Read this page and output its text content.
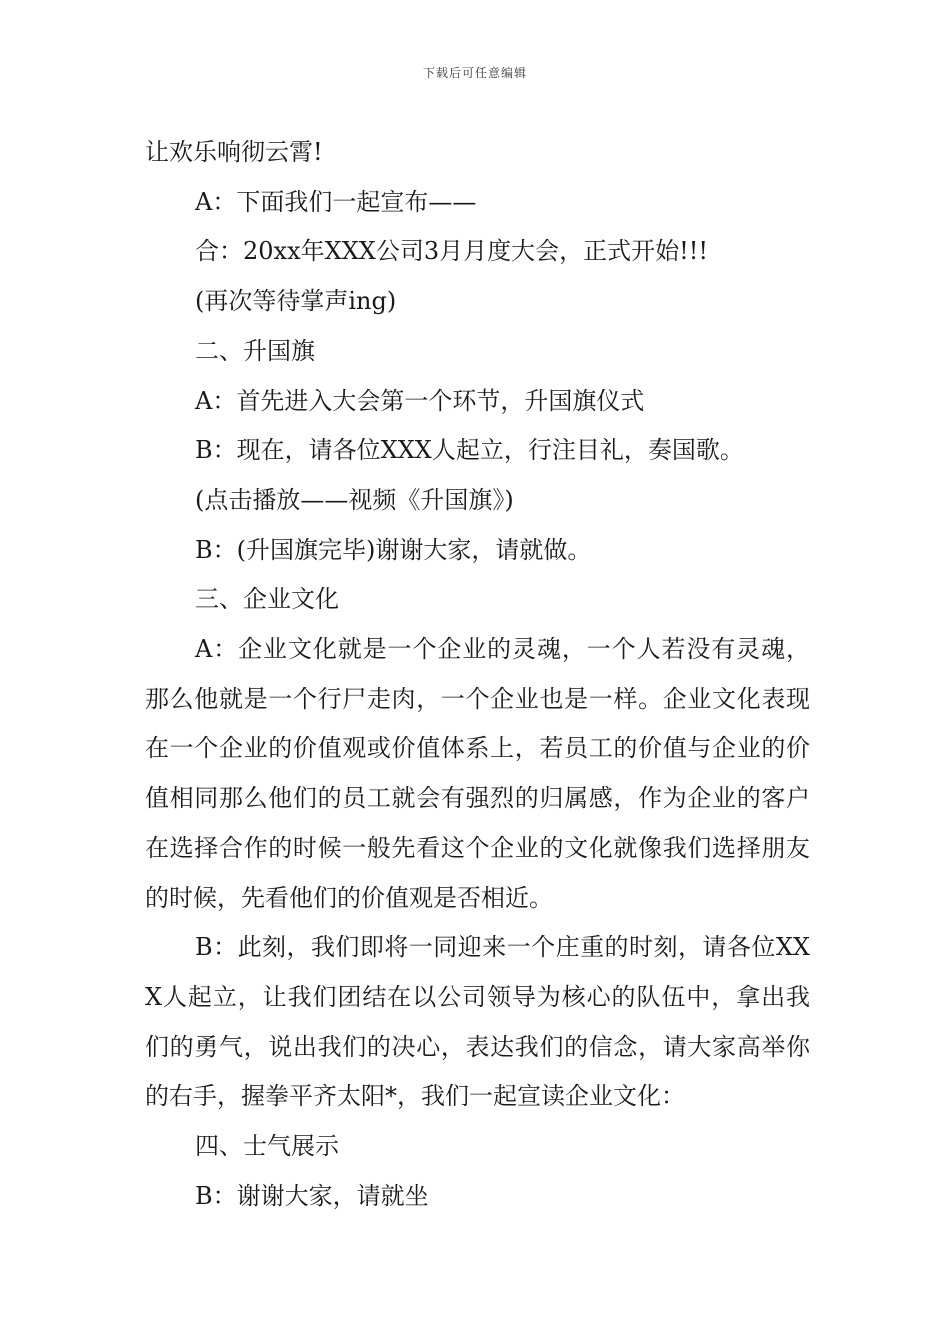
下载后可任意编辑

让欢乐响彻云霄!

A：下面我们一起宣布——

合：20xx年XXX公司3月月度大会，正式开始!!!

(再次等待掌声ing)

二、升国旗

A：首先进入大会第一个环节，升国旗仪式

B：现在，请各位XXX人起立，行注目礼，奏国歌。

(点击播放——视频《升国旗》)

B：(升国旗完毕)谢谢大家，请就做。

三、企业文化

A：企业文化就是一个企业的灵魂，一个人若没有灵魂，那么他就是一个行尸走肉，一个企业也是一样。企业文化表现在一个企业的价值观或价值体系上，若员工的价值与企业的价值相同那么他们的员工就会有强烈的归属感，作为企业的客户在选择合作的时候一般先看这个企业的文化就像我们选择朋友的时候，先看他们的价值观是否相近。

B：此刻，我们即将一同迎来一个庄重的时刻，请各位XXX人起立，让我们团结在以公司领导为核心的队伍中，拿出我们的勇气，说出我们的决心，表达我们的信念，请大家高举你的右手，握拳平齐太阳*，我们一起宣读企业文化：

四、士气展示

B：谢谢大家，请就坐
